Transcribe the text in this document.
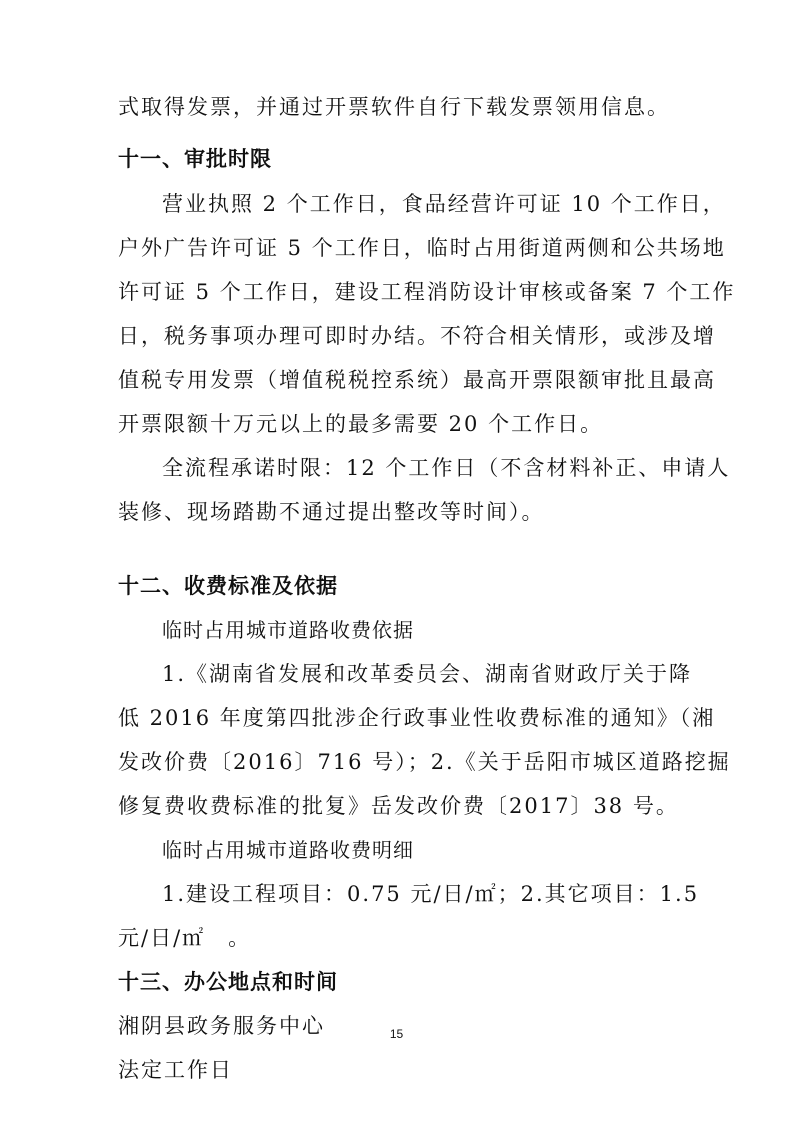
式取得发票，并通过开票软件自行下载发票领用信息。
十一、审批时限
营业执照 2 个工作日，食品经营许可证 10 个工作日，
户外广告许可证 5 个工作日，临时占用街道两侧和公共场地
许可证 5 个工作日，建设工程消防设计审核或备案 7 个工作
日，税务事项办理可即时办结。不符合相关情形，或涉及增
值税专用发票（增值税税控系统）最高开票限额审批且最高
开票限额十万元以上的最多需要 20 个工作日。
全流程承诺时限：12 个工作日（不含材料补正、申请人
装修、现场踏勘不通过提出整改等时间）。
十二、收费标准及依据
临时占用城市道路收费依据
1.《湖南省发展和改革委员会、湖南省财政厅关于降
低 2016 年度第四批涉企行政事业性收费标准的通知》（湘
发改价费〔2016〕716 号）；2.《关于岳阳市城区道路挖掘
修复费收费标准的批复》岳发改价费〔2017〕38 号。
临时占用城市道路收费明细
1.建设工程项目：0.75 元/日/㎡；2.其它项目：1.5
元/日/㎡　。
十三、办公地点和时间
湘阴县政务服务中心
法定工作日
15
